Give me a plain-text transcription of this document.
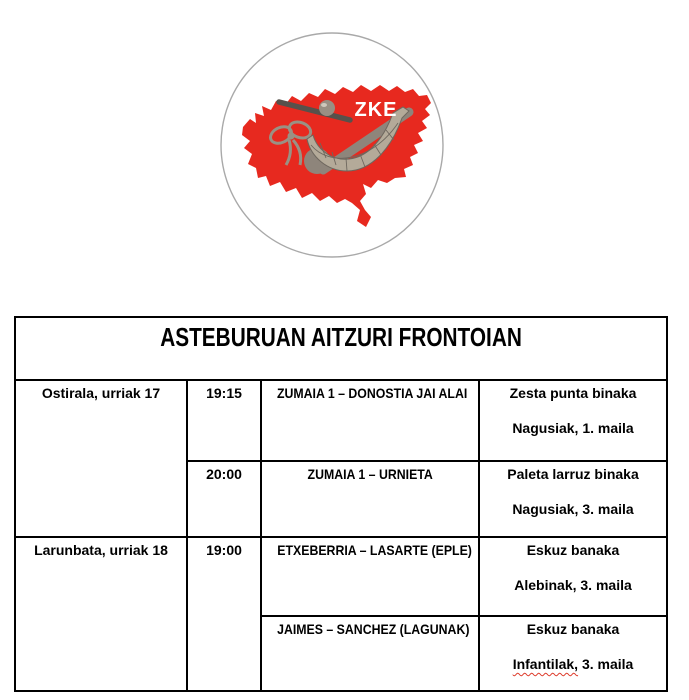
ZKE
ASTEBURUAN AITZURI FRONTOIAN			
Ostirala, urriak 17	19:15	ZUMAIA 1 – DONOSTIA JAI ALAI	Zesta punta binaka
Nagusiak, 1. maila

	20:00	ZUMAIA 1 – URNIETA	Paleta larruz binaka
Nagusiak, 3. maila

Larunbata, urriak 18	19:00	ETXEBERRIA – LASARTE (EPLE)	Eskuz banaka
Alebinak, 3. maila

		JAIMES – SANCHEZ (LAGUNAK)	Eskuz banaka
Infantilak, 3. maila
